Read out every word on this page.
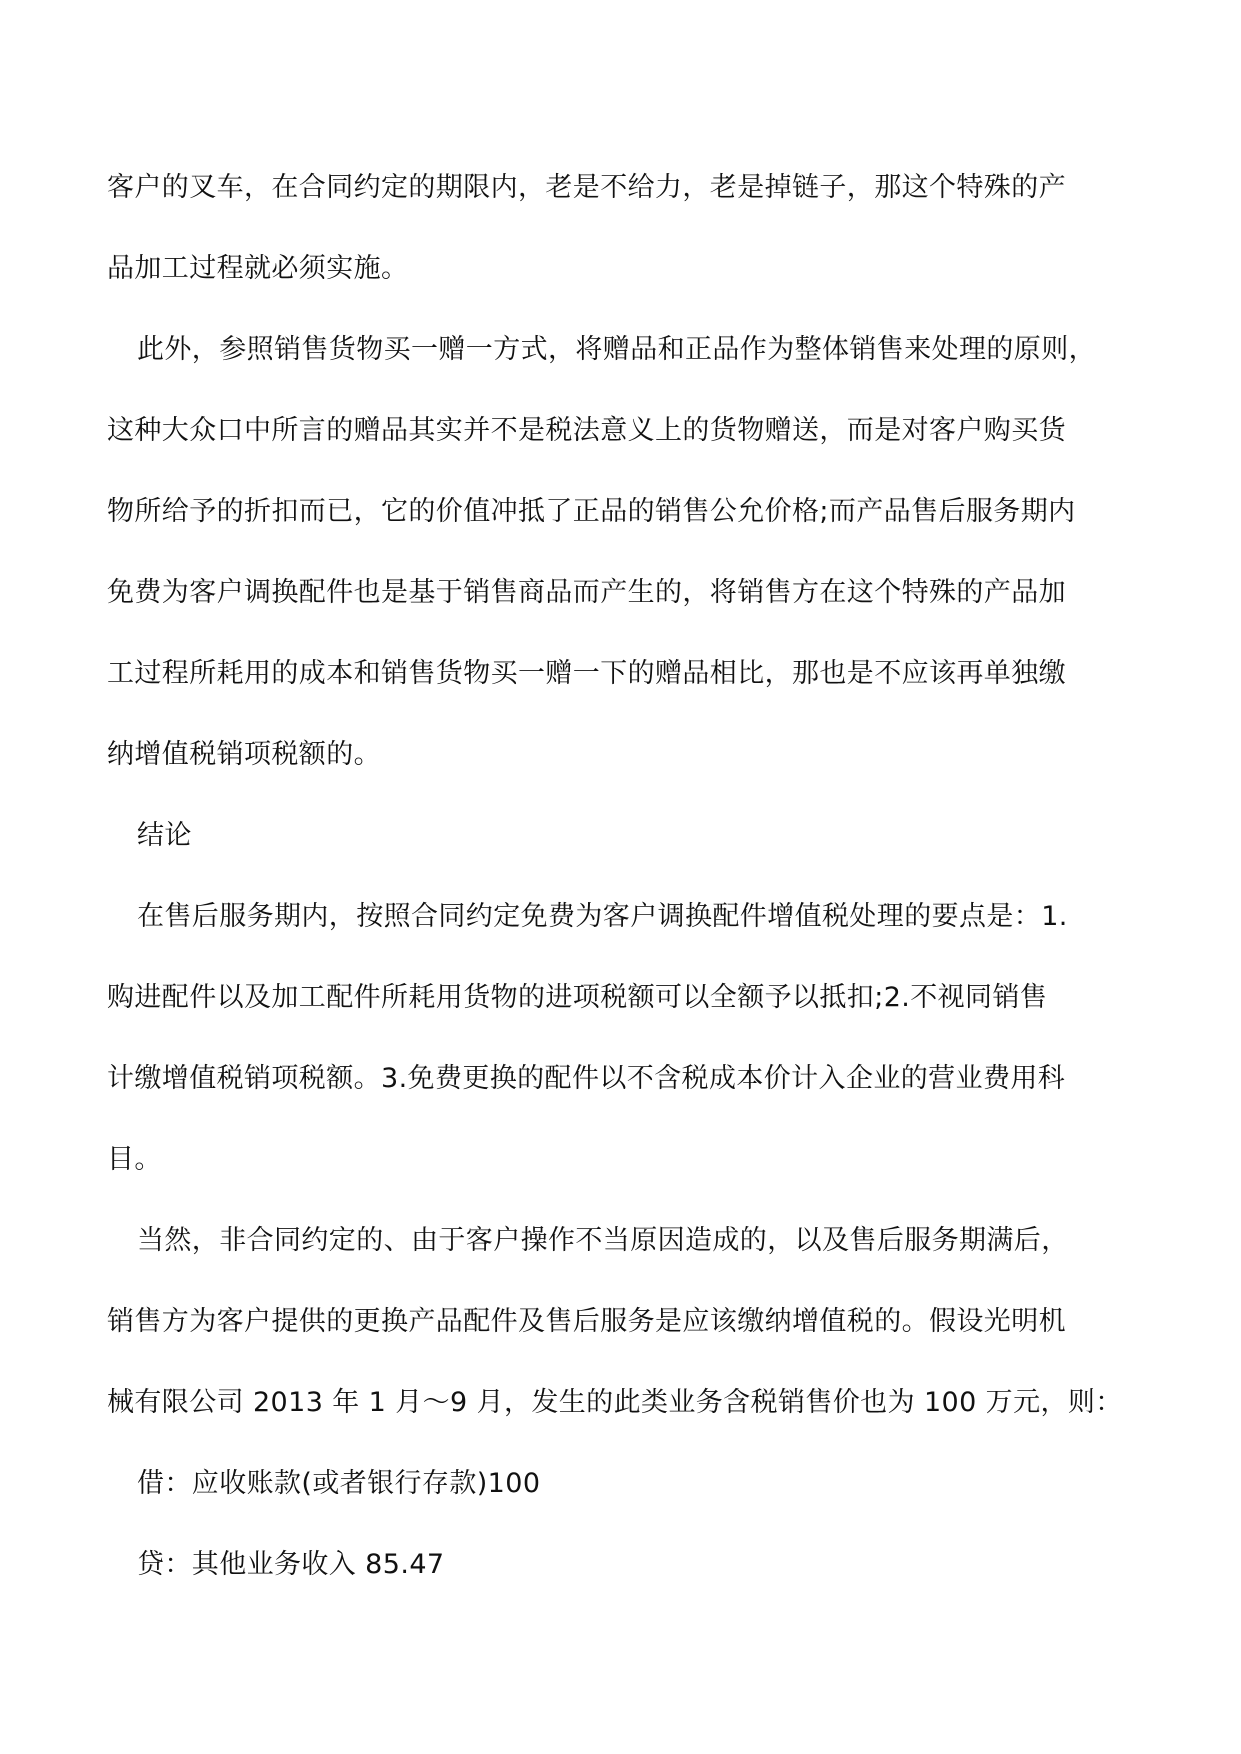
客户的叉车，在合同约定的期限内，老是不给力，老是掉链子，那这个特殊的产
品加工过程就必须实施。
此外，参照销售货物买一赠一方式，将赠品和正品作为整体销售来处理的原则，
这种大众口中所言的赠品其实并不是税法意义上的货物赠送，而是对客户购买货
物所给予的折扣而已，它的价值冲抵了正品的销售公允价格;而产品售后服务期内
免费为客户调换配件也是基于销售商品而产生的，将销售方在这个特殊的产品加
工过程所耗用的成本和销售货物买一赠一下的赠品相比，那也是不应该再单独缴
纳增值税销项税额的。
结论
在售后服务期内，按照合同约定免费为客户调换配件增值税处理的要点是：1.
购进配件以及加工配件所耗用货物的进项税额可以全额予以抵扣;2.不视同销售
计缴增值税销项税额。3.免费更换的配件以不含税成本价计入企业的营业费用科
目。
当然，非合同约定的、由于客户操作不当原因造成的，以及售后服务期满后，
销售方为客户提供的更换产品配件及售后服务是应该缴纳增值税的。假设光明机
械有限公司 2013 年 1 月～9 月，发生的此类业务含税销售价也为 100 万元，则：
借：应收账款(或者银行存款)100
贷：其他业务收入 85.47
